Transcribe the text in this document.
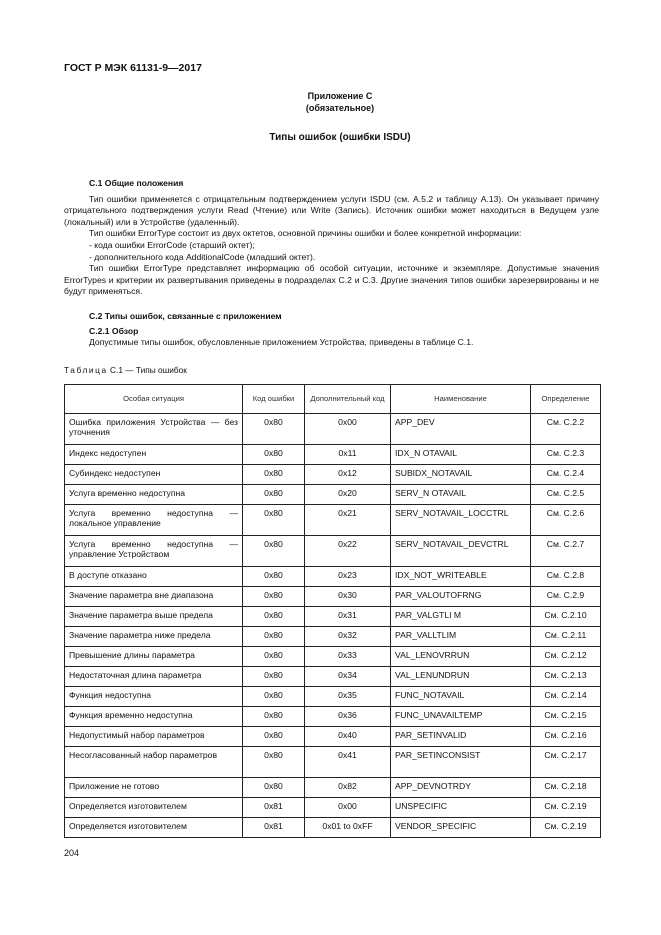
ГОСТ Р МЭК 61131-9—2017
Приложение С
(обязательное)
Типы ошибок (ошибки ISDU)

С.1 Общие положения

Тип ошибки применяется с отрицательным подтверждением услуги ISDU (см. А.5.2 и таблицу А.13). Он указывает причину отрицательного подтверждения услуги Read (Чтение) или Write (Запись). Источник ошибки может находиться в Ведущем узле (локальный) или в Устройстве (удаленный).

Тип ошибки ErrorType состоит из двух октетов, основной причины ошибки и более конкретной информации:

- кода ошибки ErrorCode (старший октет);

- дополнительного кода AdditionalCode (младший октет).

Тип ошибки ErrorType представляет информацию об особой ситуации, источнике и экземпляре. Допустимые значения ErrorTypes и критерии их развертывания приведены в подразделах С.2 и С.3. Другие значения типов ошибки зарезервированы и не будут применяться.

С.2 Типы ошибок, связанные с приложением

С.2.1 Обзор

Допустимые типы ошибок, обусловленные приложением Устройства, приведены в таблице С.1.

Таблица С.1 — Типы ошибок
Особая ситуация	Код ошибки	Дополнительный код	Наименование	Определение
Ошибка приложения Устройства — без уточнения	0x80	0x00	APP_DEV	См. С.2.2
Индекс недоступен	0x80	0x11	IDX_N OTAVAIL	См. С.2.3
Субиндекс недоступен	0x80	0x12	SUBIDX_NOTAVAIL	См. С.2.4
Услуга временно недоступна	0x80	0x20	SERV_N OTAVAIL	См. С.2.5
Услуга временно недоступна — локальное управление	0x80	0x21	SERV_NOTAVAIL_LOCCTRL	См. С.2.6
Услуга временно недоступна — управление Устройством	0x80	0x22	SERV_NOTAVAIL_DEVCTRL	См. С.2.7
В доступе отказано	0x80	0x23	IDX_NOT_WRITEABLE	См. С.2.8
Значение параметра вне диапазона	0x80	0x30	PAR_VALOUTOFRNG	См. С.2.9
Значение параметра выше предела	0x80	0x31	PAR_VALGTLI M	См. С.2.10
Значение параметра ниже предела	0x80	0x32	PAR_VALLTLIM	См. С.2.11
Превышение длины параметра	0x80	0x33	VAL_LENOVRRUN	См. С.2.12
Недостаточная длина параметра	0x80	0x34	VAL_LENUNDRUN	См. С.2.13
Функция недоступна	0x80	0x35	FUNC_NOTAVAIL	См. С.2.14
Функция временно недоступна	0x80	0x36	FUNC_UNAVAILTEMP	См. С.2.15
Недопустимый набор параметров	0x80	0x40	PAR_SETINVALID	См. С.2.16
Несогласованный набор параметров	0x80	0x41	PAR_SETINCONSIST	См. С.2.17
Приложение не готово	0x80	0x82	APP_DEVNOTRDY	См. С.2.18
Определяется изготовителем	0x81	0x00	UNSPECIFIC	См. С.2.19
Определяется изготовителем	0x81	0x01 to 0xFF	VENDOR_SPECIFIC	См. С.2.19
204
